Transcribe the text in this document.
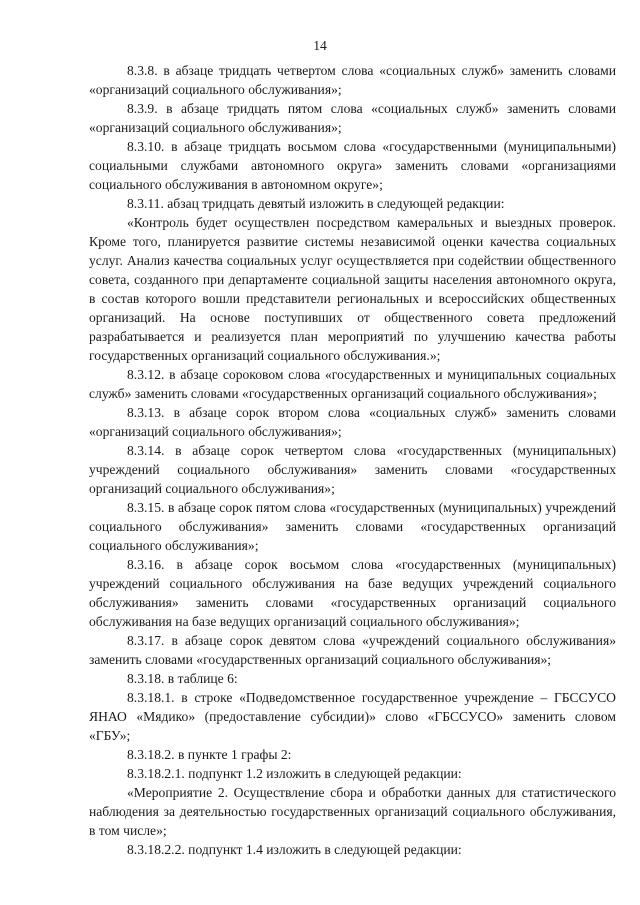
14

8.3.8. в абзаце тридцать четвертом слова «социальных служб» заменить словами «организаций социального обслуживания»;

8.3.9. в абзаце тридцать пятом слова «социальных служб» заменить словами «организаций социального обслуживания»;

8.3.10. в абзаце тридцать восьмом слова «государственными (муниципальными) социальными службами автономного округа» заменить словами «организациями социального обслуживания в автономном округе»;

8.3.11. абзац тридцать девятый изложить в следующей редакции:

«Контроль будет осуществлен посредством камеральных и выездных проверок. Кроме того, планируется развитие системы независимой оценки качества социальных услуг. Анализ качества социальных услуг осуществляется при содействии общественного совета, созданного при департаменте социальной защиты населения автономного округа, в состав которого вошли представители региональных и всероссийских общественных организаций. На основе поступивших от общественного совета предложений разрабатывается и реализуется план мероприятий по улучшению качества работы государственных организаций социального обслуживания.»;

8.3.12. в абзаце сороковом слова «государственных и муниципальных социальных служб» заменить словами «государственных организаций социального обслуживания»;

8.3.13. в абзаце сорок втором слова «социальных служб» заменить словами «организаций социального обслуживания»;

8.3.14. в абзаце сорок четвертом слова «государственных (муниципальных) учреждений социального обслуживания» заменить словами «государственных организаций социального обслуживания»;

8.3.15. в абзаце сорок пятом слова «государственных (муниципальных) учреждений социального обслуживания» заменить словами «государственных организаций социального обслуживания»;

8.3.16. в абзаце сорок восьмом слова «государственных (муниципальных) учреждений социального обслуживания на базе ведущих учреждений социального обслуживания» заменить словами «государственных организаций социального обслуживания на базе ведущих организаций социального обслуживания»;

8.3.17. в абзаце сорок девятом слова «учреждений социального обслуживания» заменить словами «государственных организаций социального обслуживания»;

8.3.18. в таблице 6:

8.3.18.1. в строке «Подведомственное государственное учреждение – ГБССУСО ЯНАО «Мядико» (предоставление субсидии)» слово «ГБССУСО» заменить словом «ГБУ»;

8.3.18.2. в пункте 1 графы 2:

8.3.18.2.1. подпункт 1.2 изложить в следующей редакции:

«Мероприятие 2. Осуществление сбора и обработки данных для статистического наблюдения за деятельностью государственных организаций социального обслуживания, в том числе»;

8.3.18.2.2. подпункт 1.4 изложить в следующей редакции:
